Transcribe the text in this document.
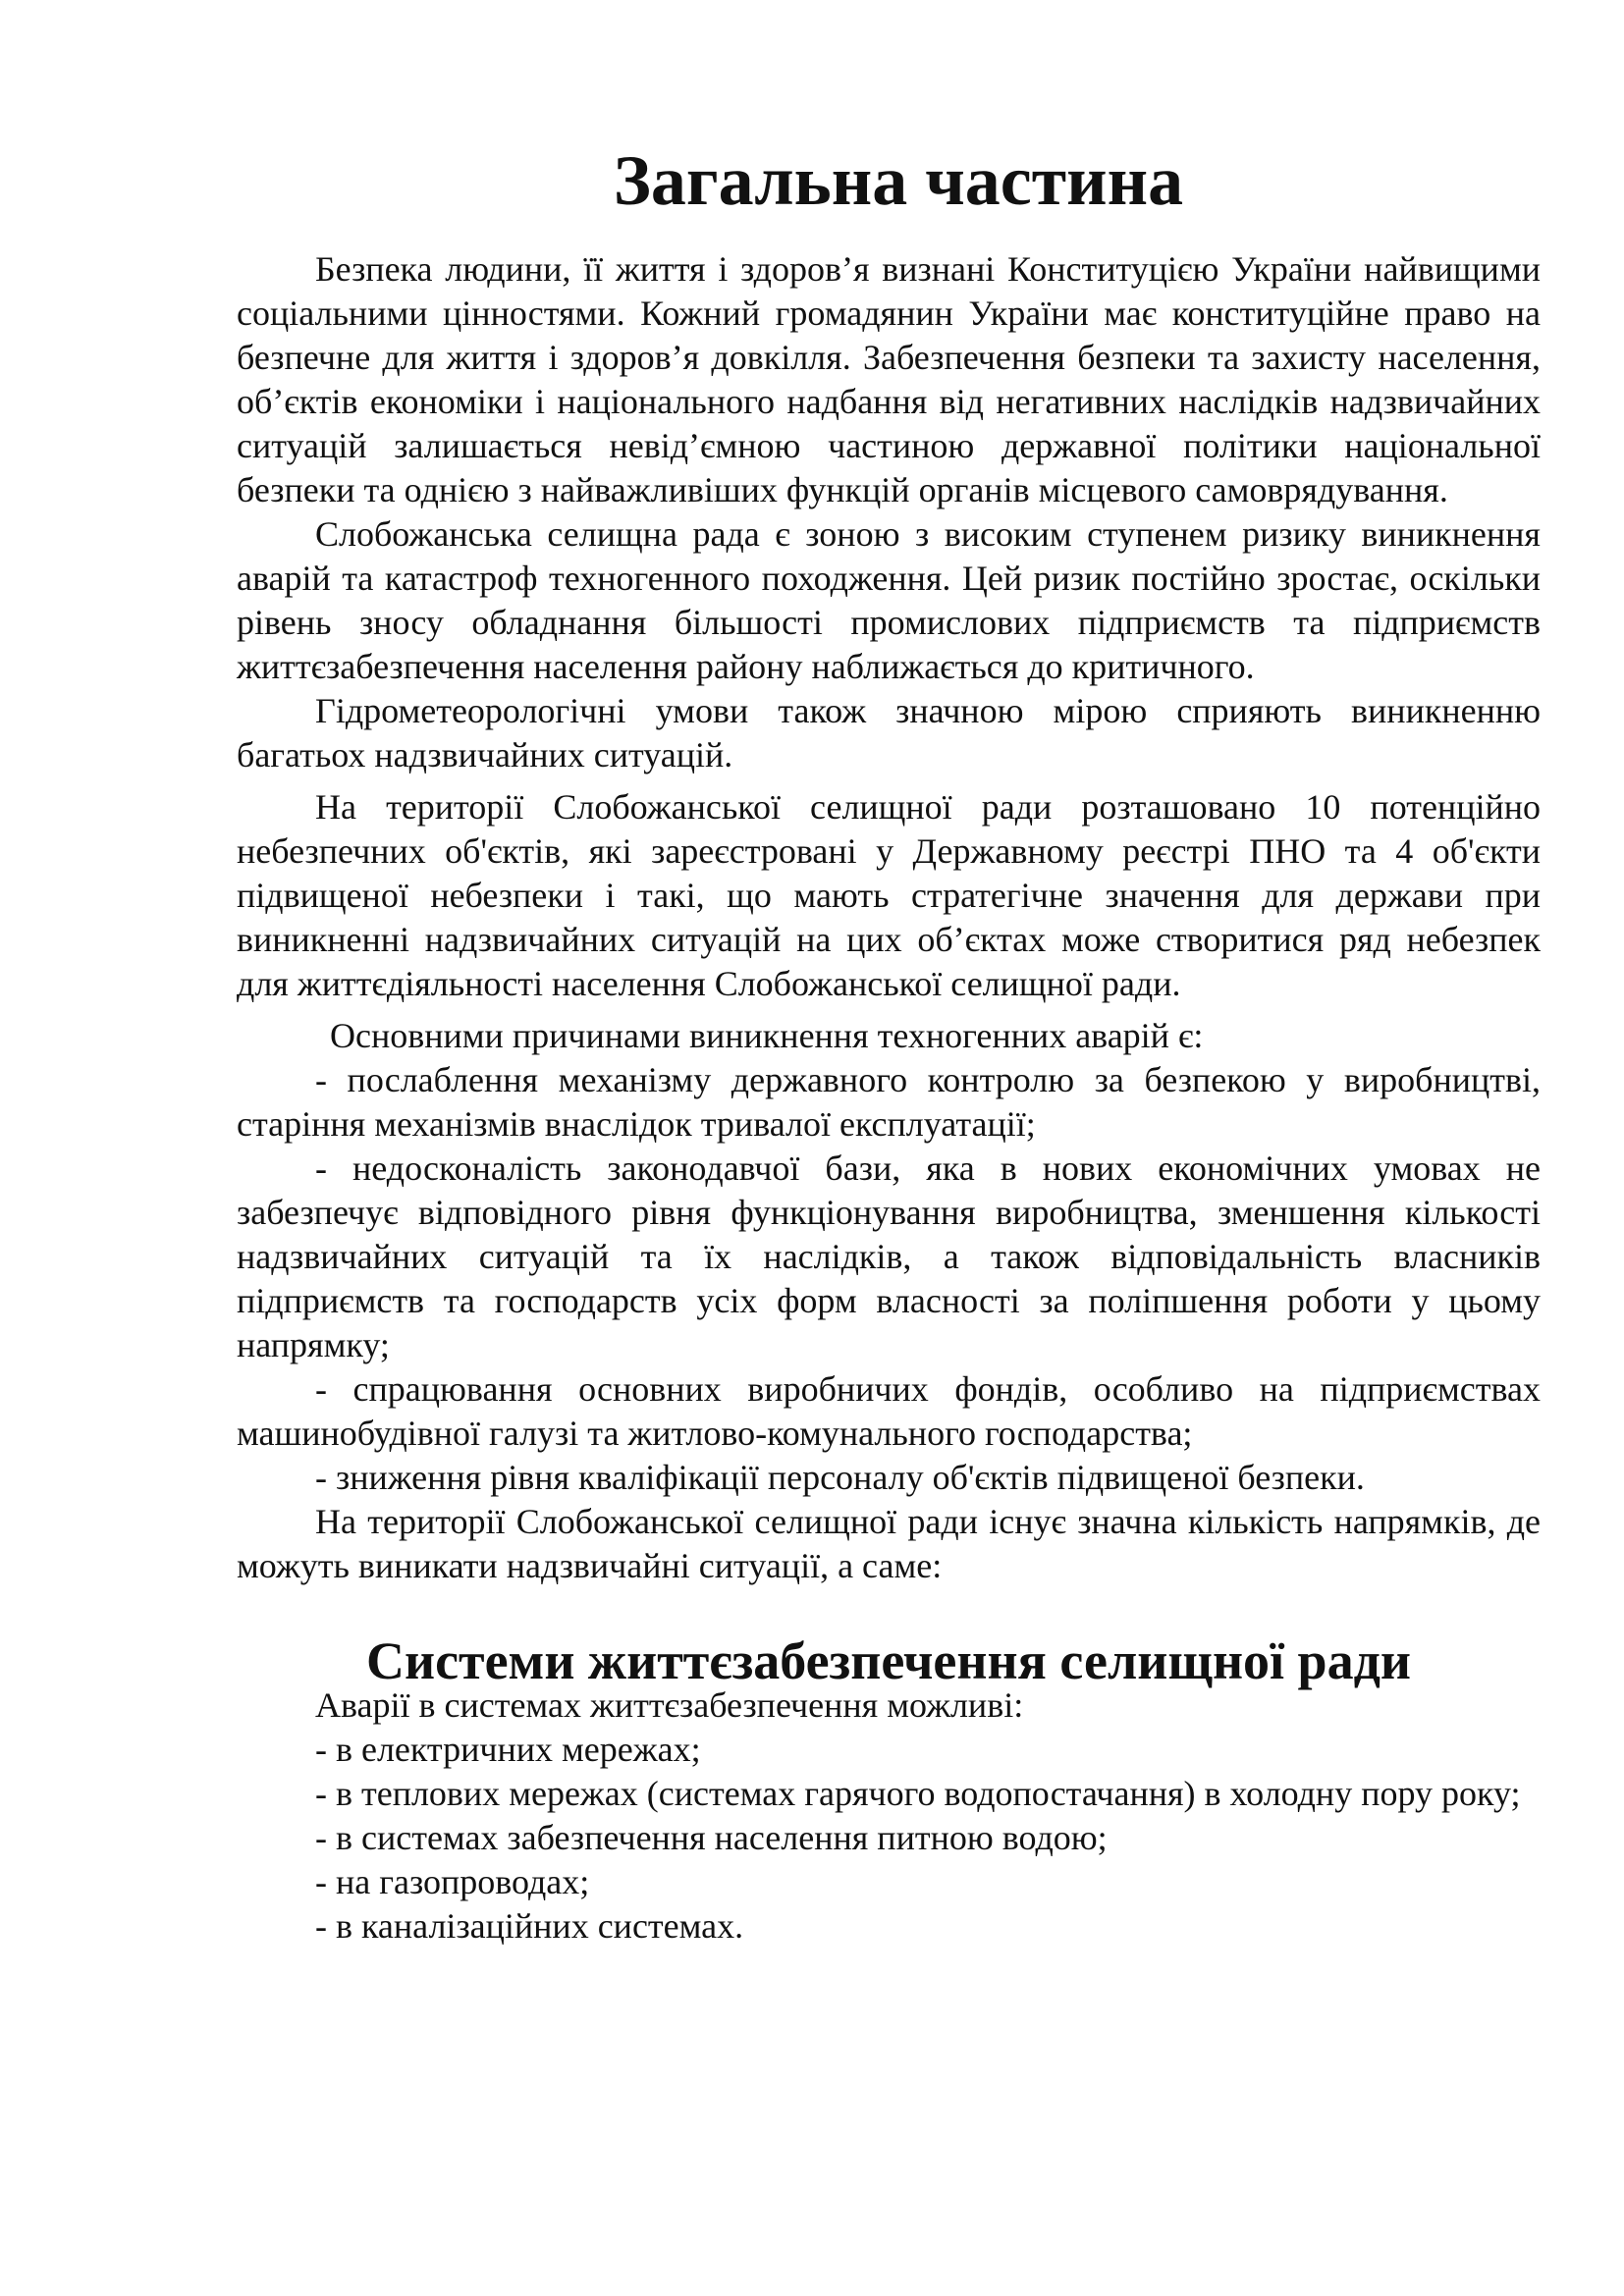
Загальна частина

Безпека людини, її життя і здоров’я визнані Конституцією України найвищими соціальними цінностями. Кожний громадянин України має конституційне право на безпечне для життя і здоров’я довкілля. Забезпечення безпеки та захисту населення, об’єктів економіки і національного надбання від негативних наслідків надзвичайних ситуацій залишається невід’ємною частиною державної політики національної безпеки та однією з найважливіших функцій органів місцевого самоврядування.

Слобожанська селищна рада є зоною з високим ступенем ризику виникнення аварій та катастроф техногенного походження. Цей ризик постійно зростає, оскільки рівень зносу обладнання більшості промислових підприємств та підприємств життєзабезпечення населення району наближається до критичного.

Гідрометеорологічні умови також значною мірою сприяють виникненню багатьох надзвичайних ситуацій.

На території Слобожанської селищної ради розташовано 10 потенційно небезпечних об'єктів, які зареєстровані у Державному реєстрі ПНО та 4 об'єкти підвищеної небезпеки і такі, що мають стратегічне значення для держави при виникненні надзвичайних ситуацій на цих об’єктах може створитися ряд небезпек для життєдіяльності населення Слобожанської селищної ради.

Основними причинами виникнення техногенних аварій є:

- послаблення механізму державного контролю за безпекою у виробництві, старіння механізмів внаслідок тривалої експлуатації;

- недосконалість законодавчої бази, яка в нових економічних умовах не забезпечує відповідного рівня функціонування виробництва, зменшення кількості надзвичайних ситуацій та їх наслідків, а також відповідальність власників підприємств та господарств усіх форм власності за поліпшення роботи у цьому напрямку;

- спрацювання основних виробничих фондів, особливо на підприємствах машинобудівної галузі та житлово-комунального господарства;

- зниження рівня кваліфікації персоналу об'єктів підвищеної безпеки.

На території Слобожанської селищної ради існує значна кількість напрямків, де можуть виникати надзвичайні ситуації, а саме:

Системи життєзабезпечення селищної ради

Аварії в системах життєзабезпечення можливі:

- в електричних мережах;

- в теплових мережах (системах гарячого водопостачання) в холодну пору року;

- в системах забезпечення населення питною водою;

- на газопроводах;

- в каналізаційних системах.
